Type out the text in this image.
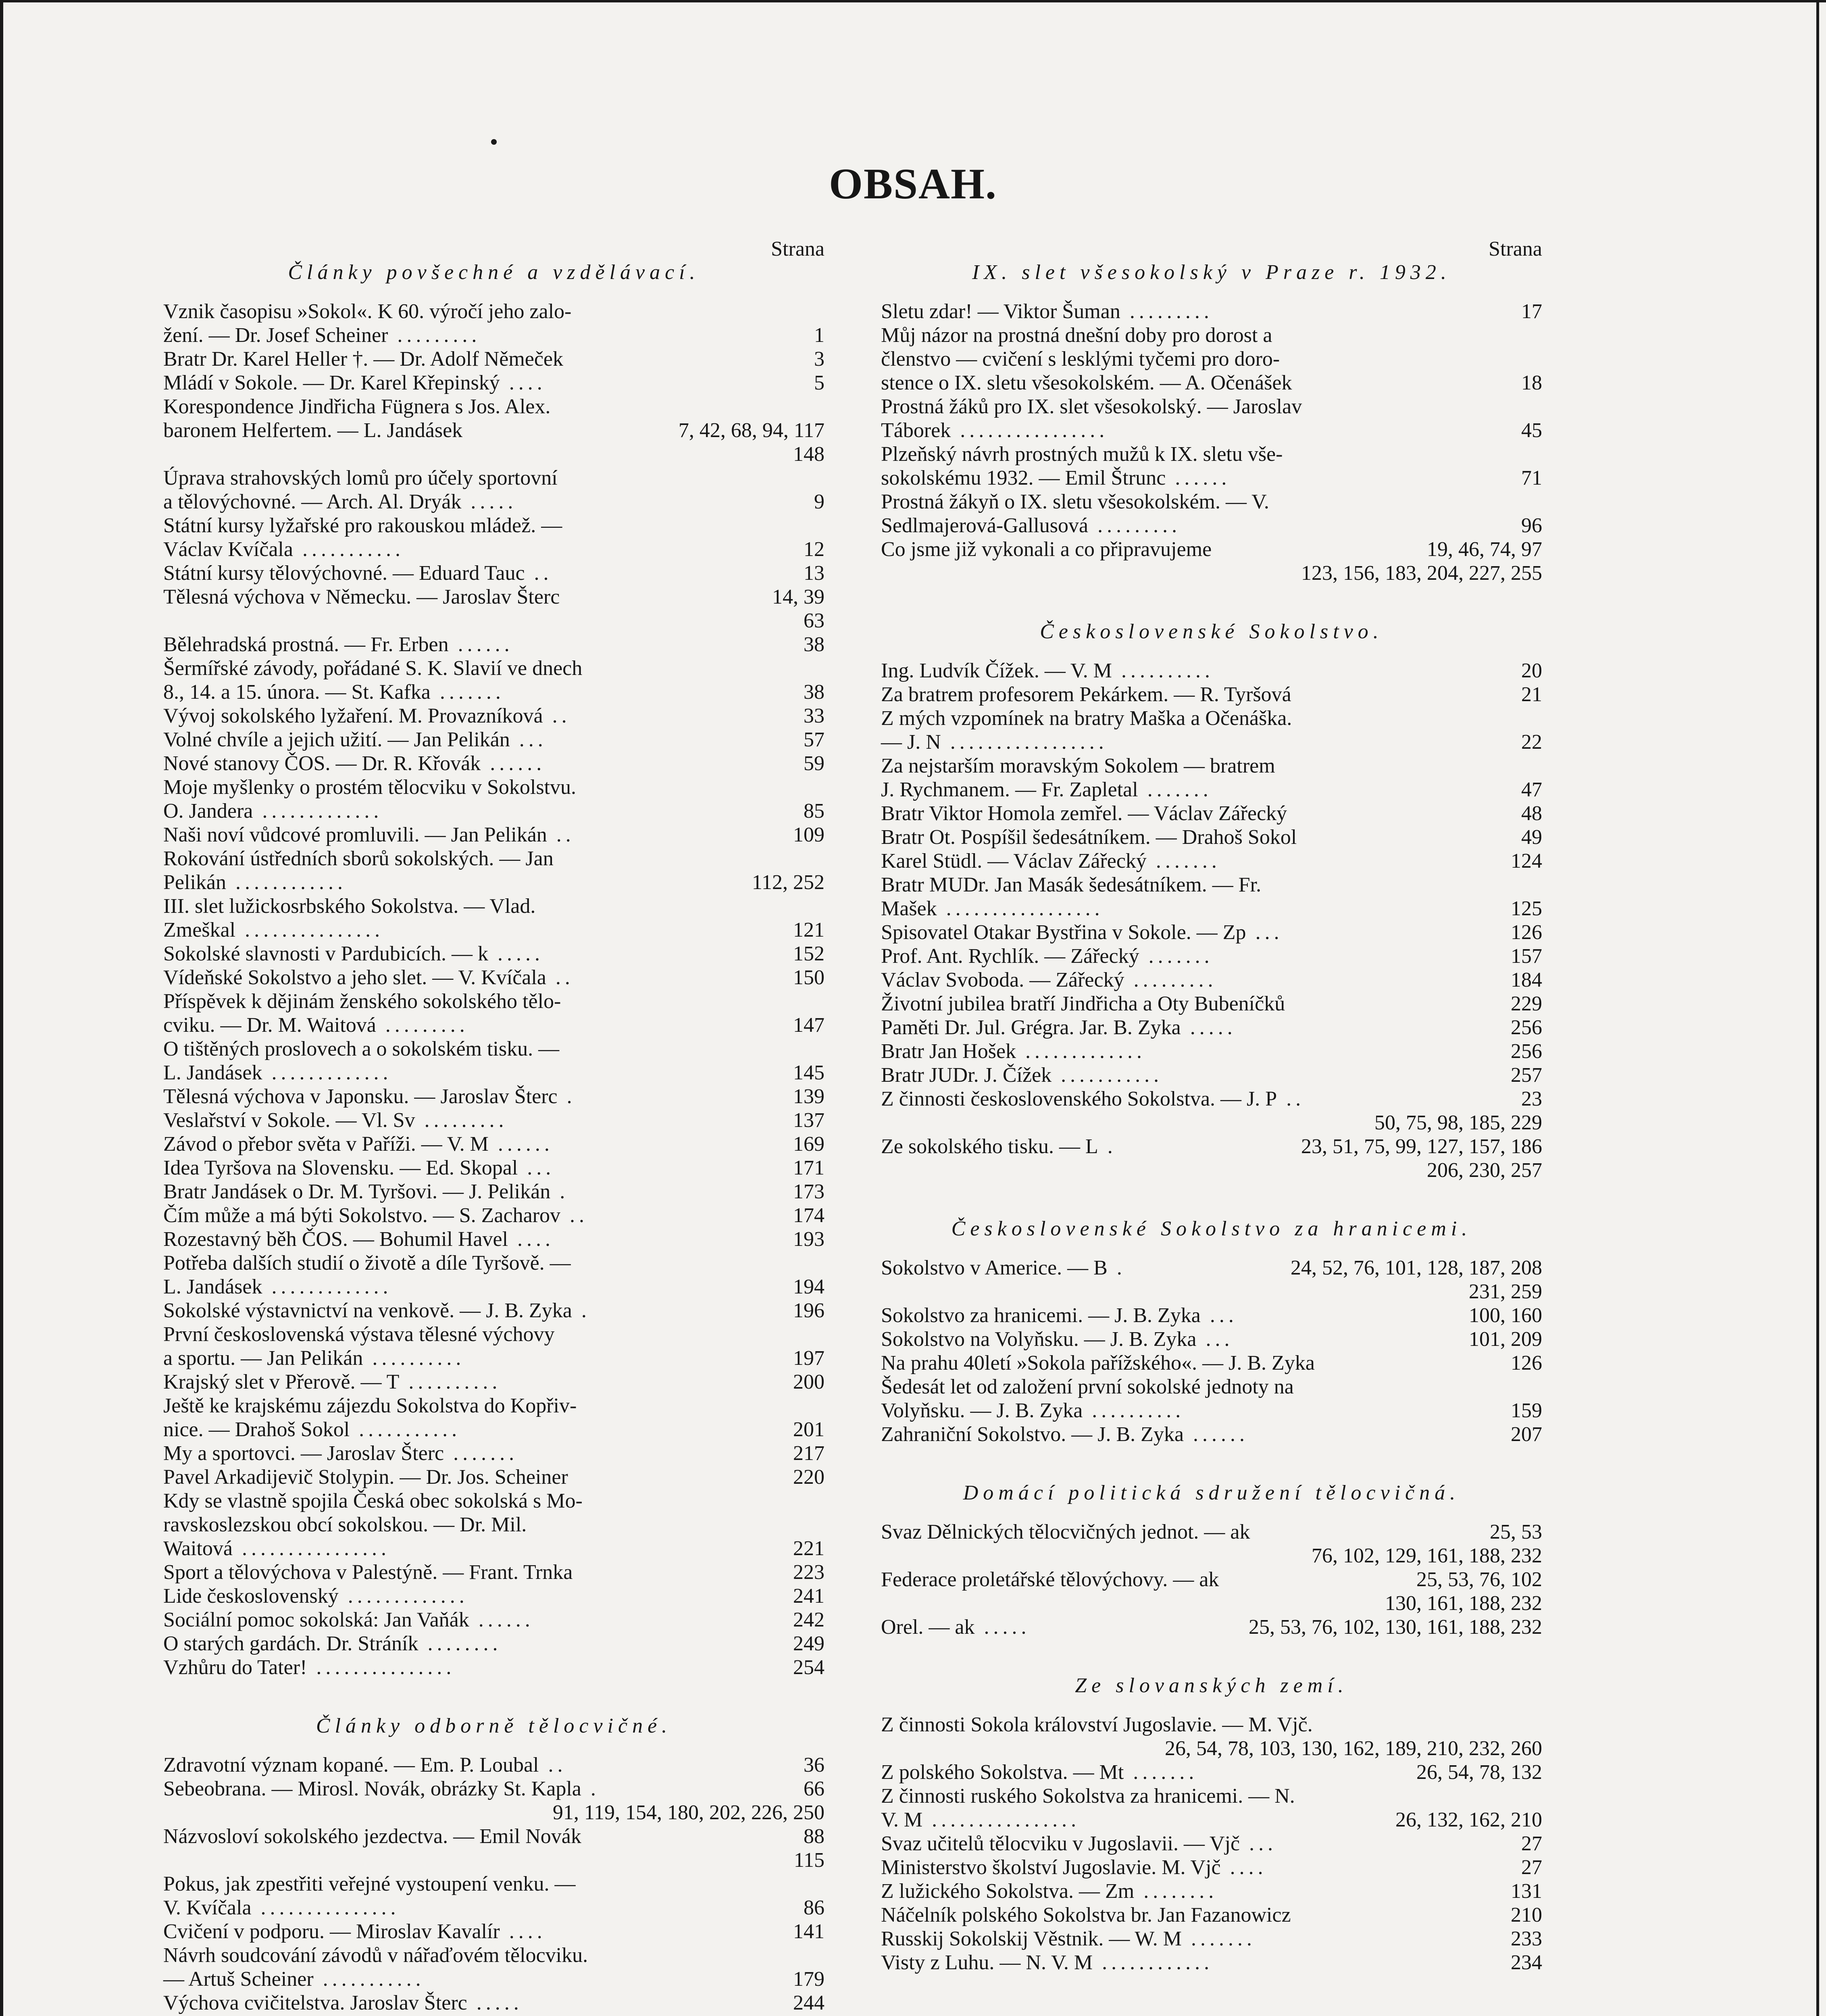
OBSAH.
Strana
Články povšechné a vzdělávací.
Vznik časopisu »Sokol«. K 60. výročí jeho zalo-
žení. — Dr. Josef Scheiner .........	1
Bratr Dr. Karel Heller †. — Dr. Adolf Němeček	3
Mládí v Sokole. — Dr. Karel Křepinský ....	5
Korespondence Jindřicha Fügnera s Jos. Alex.
baronem Helfertem. — L. Jandásek	7, 42, 68, 94, 117
148
Úprava strahovských lomů pro účely sportovní
a tělovýchovné. — Arch. Al. Dryák .....	9
Státní kursy lyžařské pro rakouskou mládež. —
Václav Kvíčala ...........	12
Státní kursy tělovýchovné. — Eduard Tauc ..	13
Tělesná výchova v Německu. — Jaroslav Šterc	14, 39
63
Bělehradská prostná. — Fr. Erben ......	38
Šermířské závody, pořádané S. K. Slavií ve dnech
8., 14. a 15. února. — St. Kafka .......	38
Vývoj sokolského lyžaření. M. Provazníková ..	33
Volné chvíle a jejich užití. — Jan Pelikán ...	57
Nové stanovy ČOS. — Dr. R. Křovák ......	59
Moje myšlenky o prostém tělocviku v Sokolstvu.
O. Jandera .............	85
Naši noví vůdcové promluvili. — Jan Pelikán ..	109
Rokování ústředních sborů sokolských. — Jan
Pelikán ............	112, 252
III. slet lužickosrbského Sokolstva. — Vlad.
Zmeškal ...............	121
Sokolské slavnosti v Pardubicích. — k .....	152
Vídeňské Sokolstvo a jeho slet. — V. Kvíčala ..	150
Příspěvek k dějinám ženského sokolského tělo-
cviku. — Dr. M. Waitová .........	147
O tištěných proslovech a o sokolském tisku. —
L. Jandásek .............	145
Tělesná výchova v Japonsku. — Jaroslav Šterc .	139
Veslařství v Sokole. — Vl. Sv .........	137
Závod o přebor světa v Paříži. — V. M ......	169
Idea Tyršova na Slovensku. — Ed. Skopal ...	171
Bratr Jandásek o Dr. M. Tyršovi. — J. Pelikán .	173
Čím může a má býti Sokolstvo. — S. Zacharov ..	174
Rozestavný běh ČOS. — Bohumil Havel ....	193
Potřeba dalších studií o životě a díle Tyršově. —
L. Jandásek .............	194
Sokolské výstavnictví na venkově. — J. B. Zyka .	196
První československá výstava tělesné výchovy
a sportu. — Jan Pelikán ..........	197
Krajský slet v Přerově. — T ..........	200
Ještě ke krajskému zájezdu Sokolstva do Kopřiv-
nice. — Drahoš Sokol ...........	201
My a sportovci. — Jaroslav Šterc .......	217
Pavel Arkadijevič Stolypin. — Dr. Jos. Scheiner	220
Kdy se vlastně spojila Česká obec sokolská s Mo-
ravskoslezskou obcí sokolskou. — Dr. Mil.
Waitová ................	221
Sport a tělovýchova v Palestýně. — Frant. Trnka	223
Lide československý .............	241
Sociální pomoc sokolská: Jan Vaňák ......	242
O starých gardách. Dr. Stráník ........	249
Vzhůru do Tater! ...............	254
Články odborně tělocvičné.
Zdravotní význam kopané. — Em. P. Loubal ..	36
Sebeobrana. — Mirosl. Novák, obrázky St. Kapla .	66
91, 119, 154, 180, 202, 226, 250
Názvosloví sokolského jezdectva. — Emil Novák	88
115
Pokus, jak zpestřiti veřejné vystoupení venku. —
V. Kvíčala ...............	86
Cvičení v podporu. — Miroslav Kavalír ....	141
Návrh soudcování závodů v nářaďovém tělocviku.
— Artuš Scheiner ...........	179
Výchova cvičitelstva. Jaroslav Šterc .....	244
Strana
IX. slet všesokolský v Praze r. 1932.
Sletu zdar! — Viktor Šuman .........	17
Můj názor na prostná dnešní doby pro dorost a
členstvo — cvičení s lesklými tyčemi pro doro-
stence o IX. sletu všesokolském. — A. Očenášek	18
Prostná žáků pro IX. slet všesokolský. — Jaroslav
Táborek ................	45
Plzeňský návrh prostných mužů k IX. sletu vše-
sokolskému 1932. — Emil Štrunc ......	71
Prostná žákyň o IX. sletu všesokolském. — V.
Sedlmajerová-Gallusová .........	96
Co jsme již vykonali a co připravujeme	19, 46, 74, 97
123, 156, 183, 204, 227, 255
Československé Sokolstvo.
Ing. Ludvík Čížek. — V. M ..........	20
Za bratrem profesorem Pekárkem. — R. Tyršová	21
Z mých vzpomínek na bratry Maška a Očenáška.
— J. N .................	22
Za nejstarším moravským Sokolem — bratrem
J. Rychmanem. — Fr. Zapletal .......	47
Bratr Viktor Homola zemřel. — Václav Zářecký	48
Bratr Ot. Pospíšil šedesátníkem. — Drahoš Sokol	49
Karel Stüdl. — Václav Zářecký .......	124
Bratr MUDr. Jan Masák šedesátníkem. — Fr.
Mašek .................	125
Spisovatel Otakar Bystřina v Sokole. — Zp ...	126
Prof. Ant. Rychlík. — Zářecký .......	157
Václav Svoboda. — Zářecký .........	184
Životní jubilea bratří Jindřicha a Oty Bubeníčků	229
Paměti Dr. Jul. Grégra. Jar. B. Zyka .....	256
Bratr Jan Hošek .............	256
Bratr JUDr. J. Čížek ...........	257
Z činnosti československého Sokolstva. — J. P ..	23
50, 75, 98, 185, 229
Ze sokolského tisku. — L .	23, 51, 75, 99, 127, 157, 186
206, 230, 257
Československé Sokolstvo za hranicemi.
Sokolstvo v Americe. — B .	24, 52, 76, 101, 128, 187, 208
231, 259
Sokolstvo za hranicemi. — J. B. Zyka ...	100, 160
Sokolstvo na Volyňsku. — J. B. Zyka ...	101, 209
Na prahu 40letí »Sokola pařížského«. — J. B. Zyka	126
Šedesát let od založení první sokolské jednoty na
Volyňsku. — J. B. Zyka ..........	159
Zahraniční Sokolstvo. — J. B. Zyka ......	207
Domácí politická sdružení tělocvičná.
Svaz Dělnických tělocvičných jednot. — ak	25, 53
76, 102, 129, 161, 188, 232
Federace proletářské tělovýchovy. — ak	25, 53, 76, 102
130, 161, 188, 232
Orel. — ak .....	25, 53, 76, 102, 130, 161, 188, 232
Ze slovanských zemí.
Z činnosti Sokola království Jugoslavie. — M. Vjč.
26, 54, 78, 103, 130, 162, 189, 210, 232, 260
Z polského Sokolstva. — Mt .......	26, 54, 78, 132
Z činnosti ruského Sokolstva za hranicemi. — N.
V. M ................	26, 132, 162, 210
Svaz učitelů tělocviku v Jugoslavii. — Vjč ...	27
Ministerstvo školství Jugoslavie. M. Vjč ....	27
Z lužického Sokolstva. — Zm ........	131
Náčelník polského Sokolstva br. Jan Fazanowicz	210
Russkij Sokolskij Věstnik. — W. M .......	233
Visty z Luhu. — N. V. M ............	234
